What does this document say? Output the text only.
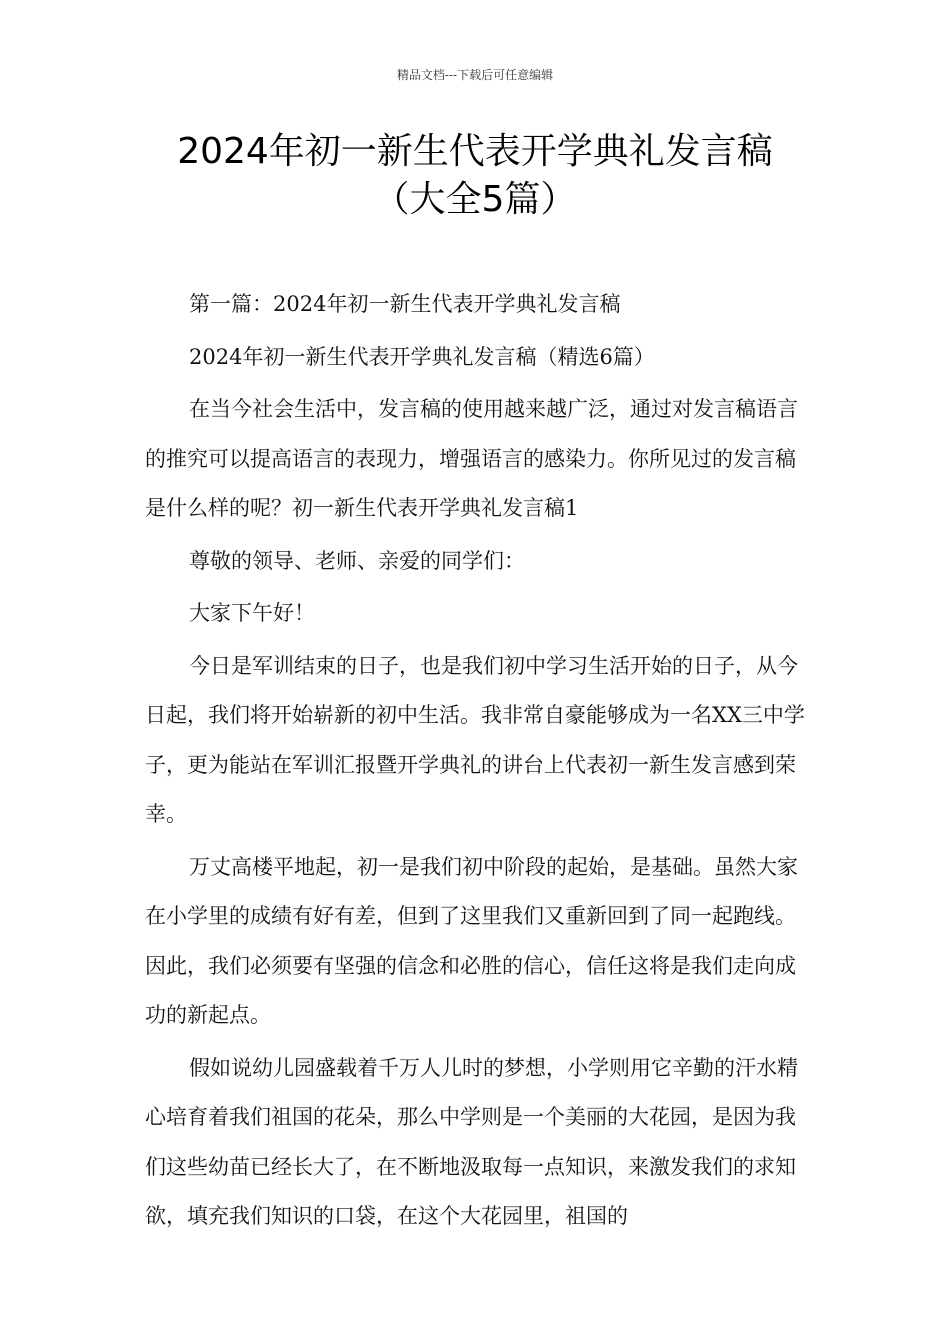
精品文档---下载后可任意编辑
2024年初一新生代表开学典礼发言稿
（大全5篇）

第一篇：2024年初一新生代表开学典礼发言稿

2024年初一新生代表开学典礼发言稿（精选6篇）

在当今社会生活中，发言稿的使用越来越广泛，通过对发言稿语言的推究可以提高语言的表现力，增强语言的感染力。你所见过的发言稿是什么样的呢？初一新生代表开学典礼发言稿1

尊敬的领导、老师、亲爱的同学们：

大家下午好！

今日是军训结束的日子，也是我们初中学习生活开始的日子，从今日起，我们将开始崭新的初中生活。我非常自豪能够成为一名XX三中学子，更为能站在军训汇报暨开学典礼的讲台上代表初一新生发言感到荣幸。

万丈高楼平地起，初一是我们初中阶段的起始，是基础。虽然大家在小学里的成绩有好有差，但到了这里我们又重新回到了同一起跑线。因此，我们必须要有坚强的信念和必胜的信心，信任这将是我们走向成功的新起点。

假如说幼儿园盛载着千万人儿时的梦想，小学则用它辛勤的汗水精心培育着我们祖国的花朵，那么中学则是一个美丽的大花园，是因为我们这些幼苗已经长大了，在不断地汲取每一点知识，来激发我们的求知欲，填充我们知识的口袋，在这个大花园里，祖国的
